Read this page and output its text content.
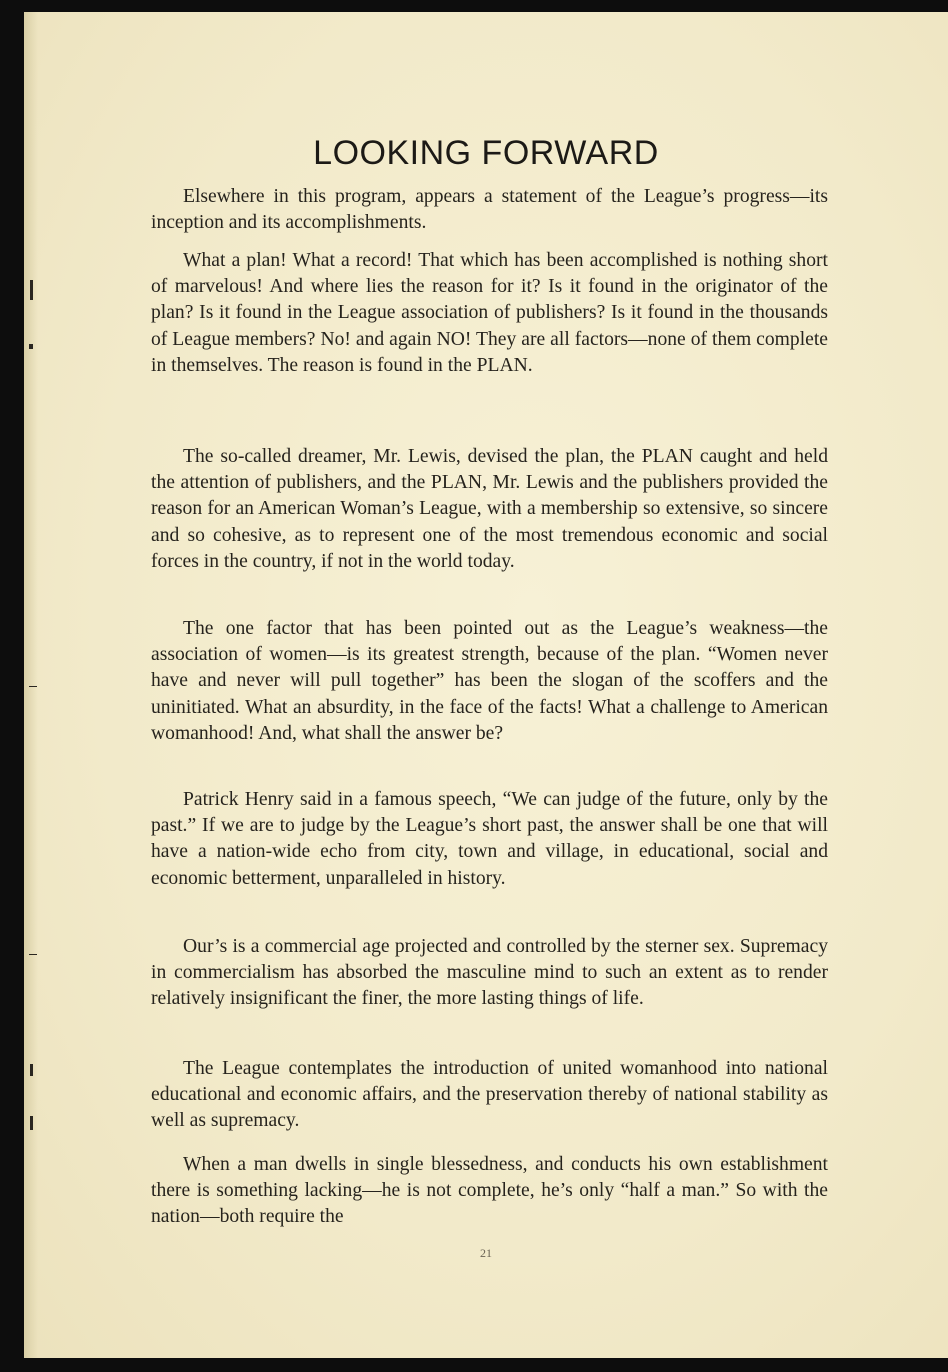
LOOKING FORWARD

Elsewhere in this program, appears a statement of the League’s progress—its inception and its accomplishments.

What a plan! What a record! That which has been accomplished is nothing short of marvelous! And where lies the reason for it? Is it found in the originator of the plan? Is it found in the League association of publishers? Is it found in the thousands of League members? No! and again NO! They are all factors—none of them complete in themselves. The reason is found in the PLAN.

The so-called dreamer, Mr. Lewis, devised the plan, the PLAN caught and held the attention of publishers, and the PLAN, Mr. Lewis and the publishers provided the reason for an American Woman’s League, with a membership so extensive, so sincere and so cohesive, as to represent one of the most tremendous economic and social forces in the country, if not in the world today.

The one factor that has been pointed out as the League’s weakness—the association of women—is its greatest strength, because of the plan. “Women never have and never will pull together” has been the slogan of the scoffers and the uninitiated. What an absurdity, in the face of the facts! What a challenge to American womanhood! And, what shall the answer be?

Patrick Henry said in a famous speech, “We can judge of the future, only by the past.” If we are to judge by the League’s short past, the answer shall be one that will have a nation-wide echo from city, town and village, in educational, social and economic betterment, unparalleled in history.

Our’s is a commercial age projected and controlled by the sterner sex. Supremacy in commercialism has absorbed the masculine mind to such an extent as to render relatively insignificant the finer, the more lasting things of life.

The League contemplates the introduction of united womanhood into national educational and economic affairs, and the preservation thereby of national stability as well as supremacy.

When a man dwells in single blessedness, and conducts his own establishment there is something lacking—he is not complete, he’s only “half a man.” So with the nation—both require the

21
